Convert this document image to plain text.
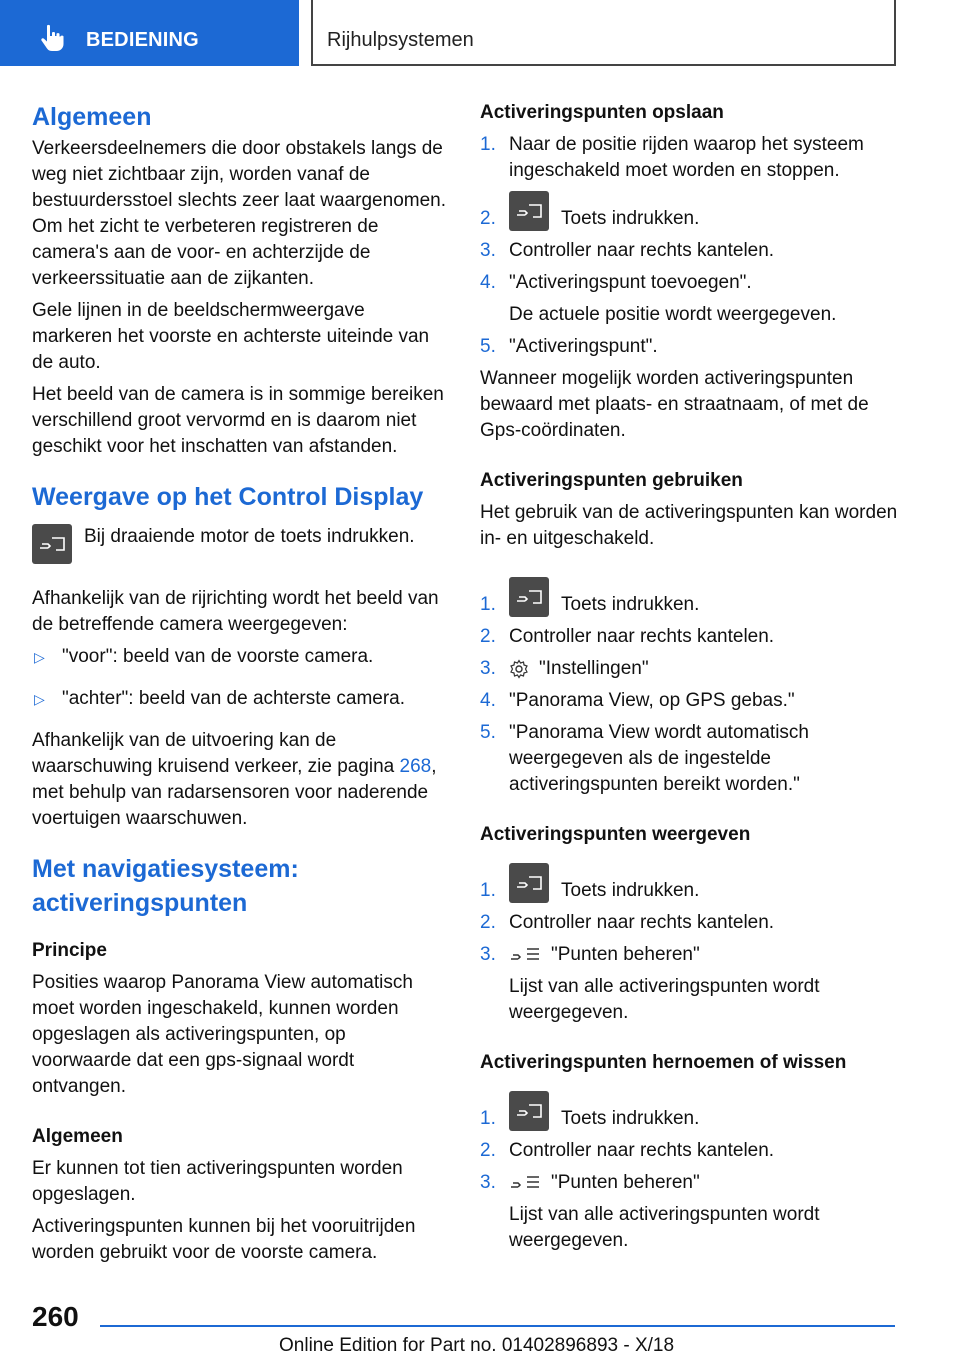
BEDIENING	Rijhulpsystemen
Algemeen

Verkeersdeelnemers die door obstakels langs de weg niet zichtbaar zijn, worden vanaf de bestuurdersstoel slechts zeer laat waargenomen. Om het zicht te verbeteren registreren de camera's aan de voor- en achterzijde de verkeerssituatie aan de zijkanten.

Gele lijnen in de beeldschermweergave markeren het voorste en achterste uiteinde van de auto.

Het beeld van de camera is in sommige bereiken verschillend groot vervormd en is daarom niet geschikt voor het inschatten van afstanden.

Weergave op het Control Display
Bij draaiende motor de toets indrukken.

Afhankelijk van de rijrichting wordt het beeld van de betreffende camera weergegeven:

▷ "voor": beeld van de voorste camera.
▷ "achter": beeld van de achterste camera.

Afhankelijk van de uitvoering kan de waarschuwing kruisend verkeer, zie pagina 268, met behulp van radarsensoren voor naderende voertuigen waarschuwen.

Met navigatiesysteem: activeringspunten
Principe

Posities waarop Panorama View automatisch moet worden ingeschakeld, kunnen worden opgeslagen als activeringspunten, op voorwaarde dat een gps-signaal wordt ontvangen.

Algemeen

Er kunnen tot tien activeringspunten worden opgeslagen.

Activeringspunten kunnen bij het vooruitrijden worden gebruikt voor de voorste camera.

Activeringspunten opslaan
1. Naar de positie rijden waarop het systeem ingeschakeld moet worden en stoppen.
2.	Toets indrukken.
3. Controller naar rechts kantelen.
4. "Activeringspunt toevoegen".
De actuele positie wordt weergegeven.
5. "Activeringspunt".

Wanneer mogelijk worden activeringspunten bewaard met plaats- en straatnaam, of met de Gps-coördinaten.

Activeringspunten gebruiken

Het gebruik van de activeringspunten kan worden in- en uitgeschakeld.

1.	Toets indrukken.
2. Controller naar rechts kantelen.
3.	"Instellingen"
4. "Panorama View, op GPS gebas."
5. "Panorama View wordt automatisch weergegeven als de ingestelde activeringspunten bereikt worden."
Activeringspunten weergeven
1.	Toets indrukken.
2. Controller naar rechts kantelen.
3.	"Punten beheren"
Lijst van alle activeringspunten wordt weergegeven.
Activeringspunten hernoemen of wissen
1.	Toets indrukken.
2. Controller naar rechts kantelen.
3.	"Punten beheren"
Lijst van alle activeringspunten wordt weergegeven.
260
Online Edition for Part no. 01402896893 - X/18
